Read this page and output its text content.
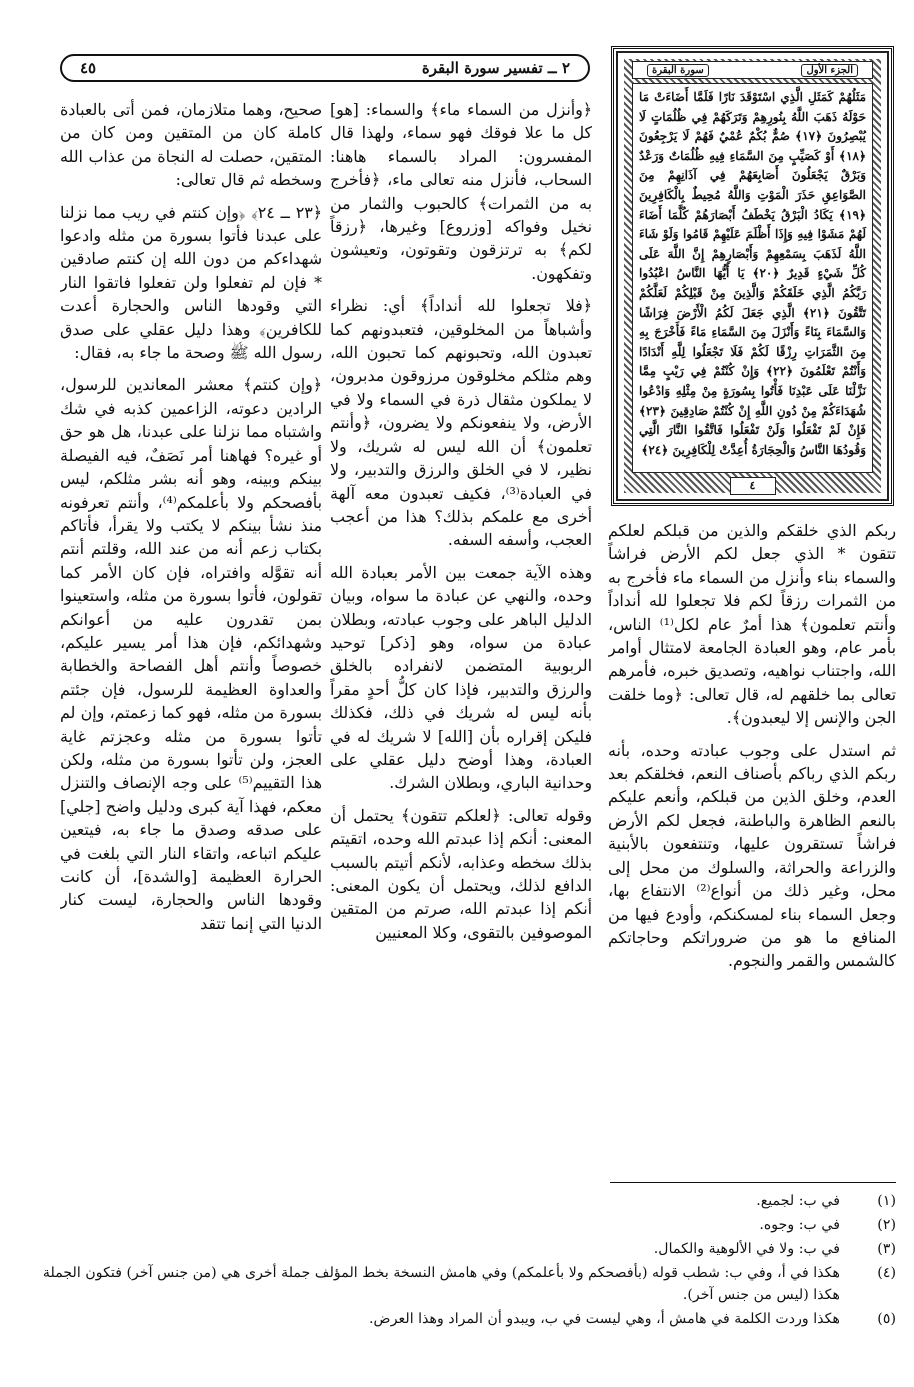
٤٥	٢ ــ تفسير سورة البقرة	الجزء الأول
سورة البقرة
مَثَلُهُمْ كَمَثَلِ الَّذِي اسْتَوْقَدَ نَارًا فَلَمَّا أَضَاءَتْ مَا حَوْلَهُ ذَهَبَ اللَّهُ بِنُورِهِمْ وَتَرَكَهُمْ فِي ظُلُمَاتٍ لَا يُبْصِرُونَ ﴿١٧﴾ صُمٌّ بُكْمٌ عُمْيٌ فَهُمْ لَا يَرْجِعُونَ ﴿١٨﴾ أَوْ كَصَيِّبٍ مِنَ السَّمَاءِ فِيهِ ظُلُمَاتٌ وَرَعْدٌ وَبَرْقٌ يَجْعَلُونَ أَصَابِعَهُمْ فِي آذَانِهِمْ مِنَ الصَّوَاعِقِ حَذَرَ الْمَوْتِ وَاللَّهُ مُحِيطٌ بِالْكَافِرِينَ ﴿١٩﴾ يَكَادُ الْبَرْقُ يَخْطَفُ أَبْصَارَهُمْ كُلَّمَا أَضَاءَ لَهُمْ مَشَوْا فِيهِ وَإِذَا أَظْلَمَ عَلَيْهِمْ قَامُوا وَلَوْ شَاءَ اللَّهُ لَذَهَبَ بِسَمْعِهِمْ وَأَبْصَارِهِمْ إِنَّ اللَّهَ عَلَى كُلِّ شَيْءٍ قَدِيرٌ ﴿٢٠﴾ يَا أَيُّهَا النَّاسُ اعْبُدُوا رَبَّكُمُ الَّذِي خَلَقَكُمْ وَالَّذِينَ مِنْ قَبْلِكُمْ لَعَلَّكُمْ تَتَّقُونَ ﴿٢١﴾ الَّذِي جَعَلَ لَكُمُ الْأَرْضَ فِرَاشًا وَالسَّمَاءَ بِنَاءً وَأَنْزَلَ مِنَ السَّمَاءِ مَاءً فَأَخْرَجَ بِهِ مِنَ الثَّمَرَاتِ رِزْقًا لَكُمْ فَلَا تَجْعَلُوا لِلَّهِ أَنْدَادًا وَأَنْتُمْ تَعْلَمُونَ ﴿٢٢﴾ وَإِنْ كُنْتُمْ فِي رَيْبٍ مِمَّا نَزَّلْنَا عَلَى عَبْدِنَا فَأْتُوا بِسُورَةٍ مِنْ مِثْلِهِ وَادْعُوا شُهَدَاءَكُمْ مِنْ دُونِ اللَّهِ إِنْ كُنْتُمْ صَادِقِينَ ﴿٢٣﴾ فَإِنْ لَمْ تَفْعَلُوا وَلَنْ تَفْعَلُوا فَاتَّقُوا النَّارَ الَّتِي وَقُودُهَا النَّاسُ وَالْحِجَارَةُ أُعِدَّتْ لِلْكَافِرِينَ ﴿٢٤﴾
٤

ربكم الذي خلقكم والذين من قبلكم لعلكم تتقون * الذي جعل لكم الأرض فراشاً والسماء بناء وأنزل من السماء ماء فأخرج به من الثمرات رزقاً لكم فلا تجعلوا لله أنداداً وأنتم تعلمون﴾ هذا أمرٌ عام لكل⁽¹⁾ الناس، بأمر عام، وهو العبادة الجامعة لامتثال أوامر الله، واجتناب نواهيه، وتصديق خبره، فأمرهم تعالى بما خلقهم له، قال تعالى: ﴿وما خلقت الجن والإنس إلا ليعبدون﴾.

ثم استدل على وجوب عبادته وحده، بأنه ربكم الذي رباكم بأصناف النعم، فخلقكم بعد العدم، وخلق الذين من قبلكم، وأنعم عليكم بالنعم الظاهرة والباطنة، فجعل لكم الأرض فراشاً تستقرون عليها، وتنتفعون بالأبنية والزراعة والحراثة، والسلوك من محل إلى محل، وغير ذلك من أنواع⁽²⁾ الانتفاع بها، وجعل السماء بناء لمسكنكم، وأودع فيها من المنافع ما هو من ضروراتكم وحاجاتكم كالشمس والقمر والنجوم.

﴿وأنزل من السماء ماء﴾ والسماء: [هو] كل ما علا فوقك فهو سماء، ولهذا قال المفسرون: المراد بالسماء هاهنا: السحاب، فأنزل منه تعالى ماء، ﴿فأخرج به من الثمرات﴾ كالحبوب والثمار من نخيل وفواكه [وزروع] وغيرها، ﴿رزقاً لكم﴾ به ترتزقون وتقوتون، وتعيشون وتفكهون.

﴿فلا تجعلوا لله أنداداً﴾ أي: نظراء وأشباهاً من المخلوقين، فتعبدونهم كما تعبدون الله، وتحبونهم كما تحبون الله، وهم مثلكم مخلوقون مرزوقون مدبرون، لا يملكون مثقال ذرة في السماء ولا في الأرض، ولا ينفعونكم ولا يضرون، ﴿وأنتم تعلمون﴾ أن الله ليس له شريك، ولا نظير، لا في الخلق والرزق والتدبير، ولا في العبادة⁽³⁾، فكيف تعبدون معه آلهة أخرى مع علمكم بذلك؟ هذا من أعجب العجب، وأسفه السفه.

وهذه الآية جمعت بين الأمر بعبادة الله وحده، والنهي عن عبادة ما سواه، وبيان الدليل الباهر على وجوب عبادته، وبطلان عبادة من سواه، وهو [ذكر] توحيد الربوبية المتضمن لانفراده بالخلق والرزق والتدبير، فإذا كان كلُّ أحدٍ مقراً بأنه ليس له شريك في ذلك، فكذلك فليكن إقراره بأن [الله] لا شريك له في العبادة، وهذا أوضح دليل عقلي على وحدانية الباري، وبطلان الشرك.

وقوله تعالى: ﴿لعلكم تتقون﴾ يحتمل أن المعنى: أنكم إذا عبدتم الله وحده، اتقيتم بذلك سخطه وعذابه، لأنكم أتيتم بالسبب الدافع لذلك، ويحتمل أن يكون المعنى: أنكم إذا عبدتم الله، صرتم من المتقين الموصوفين بالتقوى، وكلا المعنيين

صحيح، وهما متلازمان، فمن أتى بالعبادة كاملة كان من المتقين ومن كان من المتقين، حصلت له النجاة من عذاب الله وسخطه ثم قال تعالى:

﴿٢٣ ــ ٢٤﴾ ﴿وإن كنتم في ريب مما نزلنا على عبدنا فأتوا بسورة من مثله وادعوا شهداءكم من دون الله إن كنتم صادقين * فإن لم تفعلوا ولن تفعلوا فاتقوا النار التي وقودها الناس والحجارة أعدت للكافرين﴾ وهذا دليل عقلي على صدق رسول الله ﷺ وصحة ما جاء به، فقال:

﴿وإن كنتم﴾ معشر المعاندين للرسول، الرادين دعوته، الزاعمين كذبه في شك واشتباه مما نزلنا على عبدنا، هل هو حق أو غيره؟ فهاهنا أمر نَصَفٌ، فيه الفيصلة بينكم وبينه، وهو أنه بشر مثلكم، ليس بأفصحكم ولا بأعلمكم⁽⁴⁾، وأنتم تعرفونه منذ نشأ بينكم لا يكتب ولا يقرأ، فأتاكم بكتاب زعم أنه من عند الله، وقلتم أنتم أنه تقوَّله وافتراه، فإن كان الأمر كما تقولون، فأتوا بسورة من مثله، واستعينوا بمن تقدرون عليه من أعوانكم وشهدائكم، فإن هذا أمر يسير عليكم، خصوصاً وأنتم أهل الفصاحة والخطابة والعداوة العظيمة للرسول، فإن جئتم بسورة من مثله، فهو كما زعمتم، وإن لم تأتوا بسورة من مثله وعجزتم غاية العجز، ولن تأتوا بسورة من مثله، ولكن هذا التقييم⁽⁵⁾ على وجه الإنصاف والتنزل معكم، فهذا آية كبرى ودليل واضح [جلي] على صدقه وصدق ما جاء به، فيتعين عليكم اتباعه، واتقاء النار التي بلغت في الحرارة العظيمة [والشدة]، أن كانت وقودها الناس والحجارة، ليست كنار الدنيا التي إنما تتقد

(١)
في ب: لجميع.
(٢)
في ب: وجوه.
(٣)
في ب: ولا في الألوهية والكمال.
(٤)
هكذا في أ، وفي ب: شطب قوله (بأفصحكم ولا بأعلمكم) وفي هامش النسخة بخط المؤلف جملة أخرى هي (من جنس آخر) فتكون الجملة هكذا (ليس من جنس آخر).
(٥)
هكذا وردت الكلمة في هامش أ، وهي ليست في ب، ويبدو أن المراد وهذا العرض.
